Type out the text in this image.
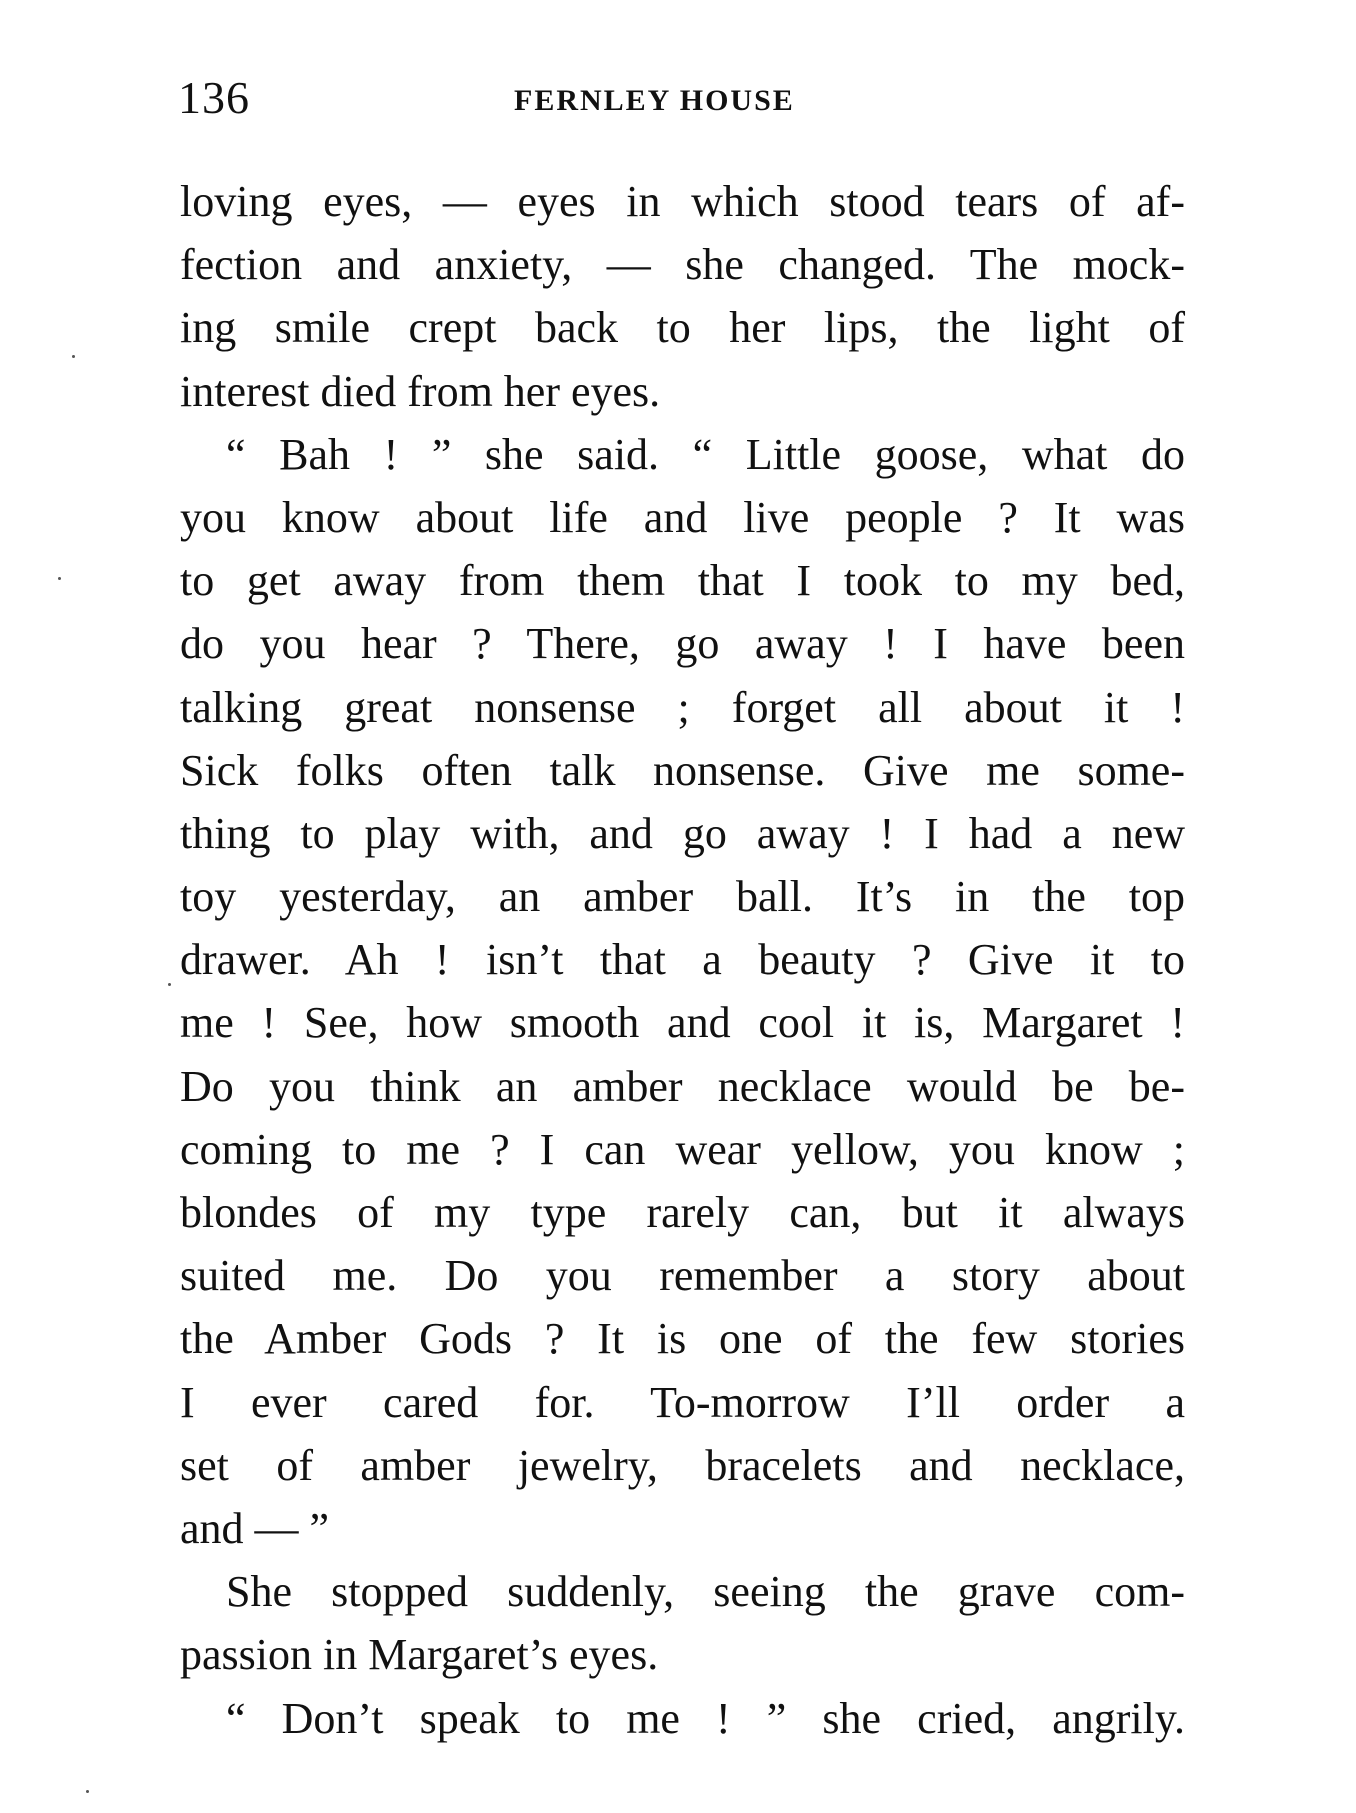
136	FERNLEY HOUSE
loving eyes, — eyes in which stood tears of af-
fection and anxiety, — she changed. The mock-
ing smile crept back to her lips, the light of
interest died from her eyes.
“ Bah ! ” she said. “ Little goose, what do
you know about life and live people ? It was
to get away from them that I took to my bed,
do you hear ? There, go away ! I have been
talking great nonsense ; forget all about it !
Sick folks often talk nonsense. Give me some-
thing to play with, and go away ! I had a new
toy yesterday, an amber ball. It’s in the top
drawer. Ah ! isn’t that a beauty ? Give it to
me ! See, how smooth and cool it is, Margaret !
Do you think an amber necklace would be be-
coming to me ? I can wear yellow, you know ;
blondes of my type rarely can, but it always
suited me. Do you remember a story about
the Amber Gods ? It is one of the few stories
I ever cared for. To-morrow I’ll order a
set of amber jewelry, bracelets and necklace,
and — ”
She stopped suddenly, seeing the grave com-
passion in Margaret’s eyes.
“ Don’t speak to me ! ” she cried, angrily.
